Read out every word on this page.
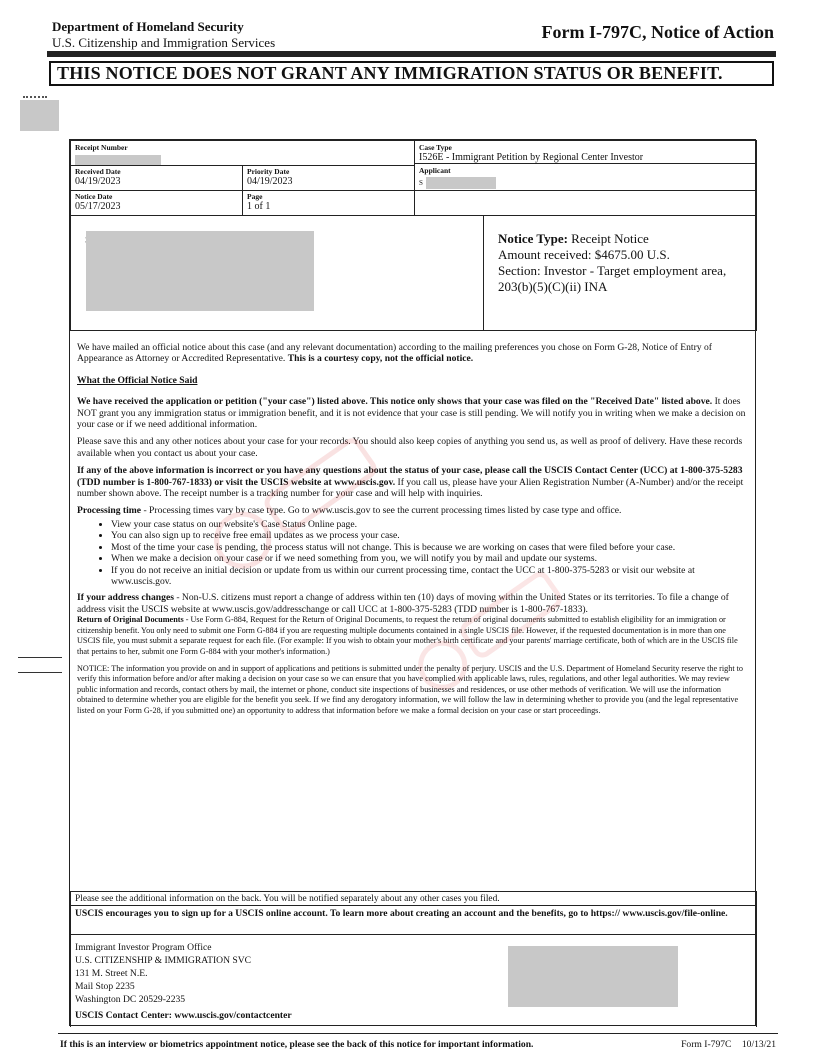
Department of Homeland Security
U.S. Citizenship and Immigration Services
Form I-797C, Notice of Action
THIS NOTICE DOES NOT GRANT ANY IMMIGRATION STATUS OR BENEFIT.
Receipt Number	Case Type
I526E - Immigrant Petition by Regional Center Investor
Received Date
04/19/2023
Priority Date
04/19/2023
Applicant
S
Notice Date
05/17/2023
Page
1 of 1
Notice Type: Receipt Notice
Amount received: $4675.00 U.S.
Section: Investor - Target employment area,
203(b)(5)(C)(ii) INA

We have mailed an official notice about this case (and any relevant documentation) according to the mailing preferences you chose on Form G-28, Notice of Entry of Appearance as Attorney or Accredited Representative. This is a courtesy copy, not the official notice.

What the Official Notice Said

We have received the application or petition ("your case") listed above. This notice only shows that your case was filed on the "Received Date" listed above. It does NOT grant you any immigration status or immigration benefit, and it is not evidence that your case is still pending. We will notify you in writing when we make a decision on your case or if we need additional information.

Please save this and any other notices about your case for your records. You should also keep copies of anything you send us, as well as proof of delivery. Have these records available when you contact us about your case.

If any of the above information is incorrect or you have any questions about the status of your case, please call the USCIS Contact Center (UCC) at 1-800-375-5283 (TDD number is 1-800-767-1833) or visit the USCIS website at www.uscis.gov. If you call us, please have your Alien Registration Number (A-Number) and/or the receipt number shown above. The receipt number is a tracking number for your case and will help with inquiries.

Processing time - Processing times vary by case type. Go to www.uscis.gov to see the current processing times listed by case type and office.

• View your case status on our website's Case Status Online page.
• You can also sign up to receive free email updates as we process your case.
• Most of the time your case is pending, the process status will not change. This is because we are working on cases that were filed before your case.
• When we make a decision on your case or if we need something from you, we will notify you by mail and update our systems.
• If you do not receive an initial decision or update from us within our current processing time, contact the UCC at 1-800-375-5283 or visit our website at www.uscis.gov.

If your address changes - Non-U.S. citizens must report a change of address within ten (10) days of moving within the United States or its territories. To file a change of address visit the USCIS website at www.uscis.gov/addresschange or call UCC at 1-800-375-5283 (TDD number is 1-800-767-1833).

Return of Original Documents - Use Form G-884, Request for the Return of Original Documents, to request the return of original documents submitted to establish eligibility for an immigration or citizenship benefit. You only need to submit one Form G-884 if you are requesting multiple documents contained in a single USCIS file. However, if the requested documentation is in more than one USCIS file, you must submit a separate request for each file. (For example: If you wish to obtain your mother's birth certificate and your parents' marriage certificate, both of which are in the USCIS file that pertains to her, submit one Form G-884 with your mother's information.)

NOTICE: The information you provide on and in support of applications and petitions is submitted under the penalty of perjury. USCIS and the U.S. Department of Homeland Security reserve the right to verify this information before and/or after making a decision on your case so we can ensure that you have complied with applicable laws, rules, regulations, and other legal authorities. We may review public information and records, contact others by mail, the internet or phone, conduct site inspections of businesses and residences, or use other methods of verification. We will use the information obtained to determine whether you are eligible for the benefit you seek. If we find any derogatory information, we will follow the law in determining whether to provide you (and the legal representative listed on your Form G-28, if you submitted one) an opportunity to address that information before we make a formal decision on your case or start proceedings.

Please see the additional information on the back. You will be notified separately about any other cases you filed.
USCIS encourages you to sign up for a USCIS online account. To learn more about creating an account and the benefits, go to https:// www.uscis.gov/file-online.
Immigrant Investor Program Office
U.S. CITIZENSHIP & IMMIGRATION SVC
131 M. Street N.E.
Mail Stop 2235
Washington DC 20529-2235
USCIS Contact Center: www.uscis.gov/contactcenter
If this is an interview or biometrics appointment notice, please see the back of this notice for important information.	Form I-797C 10/13/21
